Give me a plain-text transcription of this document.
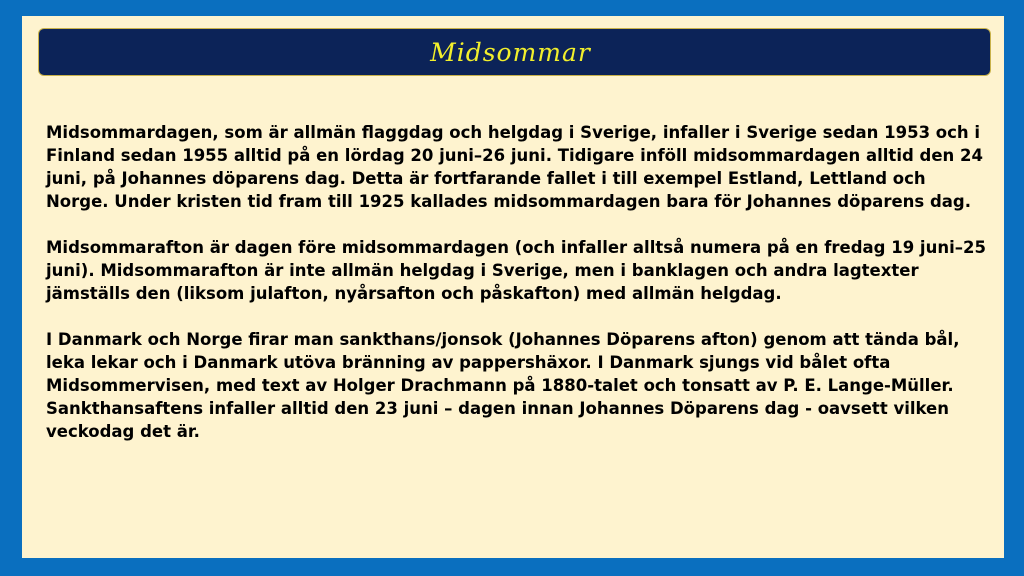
Midsommar

Midsommardagen, som är allmän flaggdag och helgdag i Sverige, infaller i Sverige sedan 1953 och i Finland sedan 1955 alltid på en lördag 20 juni–26 juni. Tidigare inföll midsommardagen alltid den 24 juni, på Johannes döparens dag. Detta är fortfarande fallet i till exempel Estland, Lettland och Norge. Under kristen tid fram till 1925 kallades midsommardagen bara för Johannes döparens dag.

Midsommarafton är dagen före midsommardagen (och infaller alltså numera på en fredag 19 juni–25 juni). Midsommarafton är inte allmän helgdag i Sverige, men i banklagen och andra lagtexter jämställs den (liksom julafton, nyårsafton och påskafton) med allmän helgdag.

I Danmark och Norge firar man sankthans/jonsok (Johannes Döparens afton) genom att tända bål, leka lekar och i Danmark utöva bränning av pappershäxor. I Danmark sjungs vid bålet ofta Midsommervisen, med text av Holger Drachmann på 1880-talet och tonsatt av P. E. Lange-Müller. Sankthansaftens infaller alltid den 23 juni – dagen innan Johannes Döparens dag - oavsett vilken veckodag det är.
